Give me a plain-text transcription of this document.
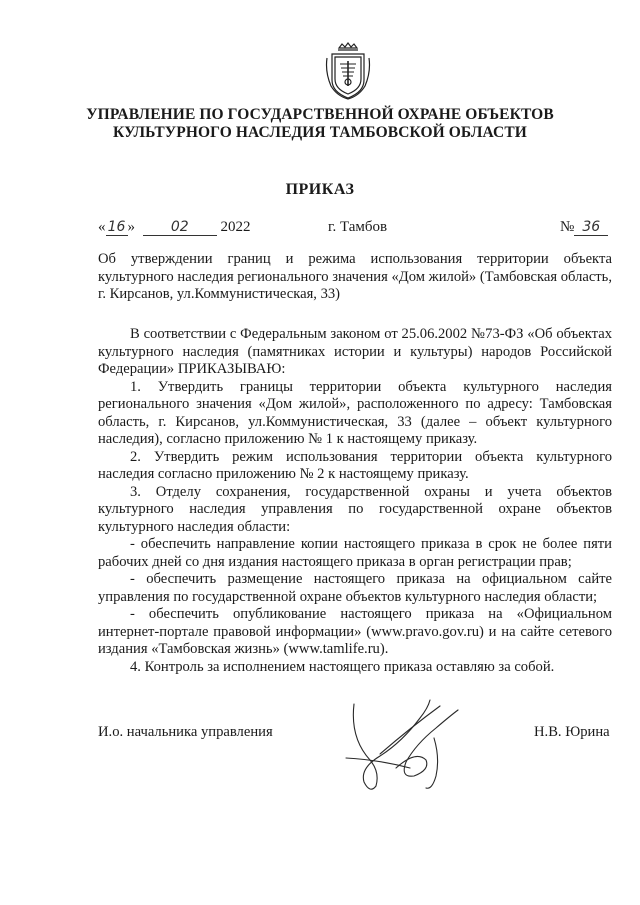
УПРАВЛЕНИЕ ПО ГОСУДАРСТВЕННОЙ ОХРАНЕ ОБЪЕКТОВ
КУЛЬТУРНОГО НАСЛЕДИЯ ТАМБОВСКОЙ ОБЛАСТИ
ПРИКАЗ
« 16 »	02 2022	г. Тамбов	№ 36
Об утверждении границ и режима использования территории объекта культурного наследия регионального значения «Дом жилой» (Тамбовская область, г. Кирсанов, ул.Коммунистическая, 33)

В соответствии с Федеральным законом от 25.06.2002 №73-ФЗ «Об объектах культурного наследия (памятниках истории и культуры) народов Российской Федерации» ПРИКАЗЫВАЮ:

1. Утвердить границы территории объекта культурного наследия регионального значения «Дом жилой», расположенного по адресу: Тамбовская область, г. Кирсанов, ул.Коммунистическая, 33 (далее – объект культурного наследия), согласно приложению № 1 к настоящему приказу.

2. Утвердить режим использования территории объекта культурного наследия согласно приложению № 2 к настоящему приказу.

3. Отделу сохранения, государственной охраны и учета объектов культурного наследия управления по государственной охране объектов культурного наследия области:

- обеспечить направление копии настоящего приказа в срок не более пяти рабочих дней со дня издания настоящего приказа в орган регистрации прав;

- обеспечить размещение настоящего приказа на официальном сайте управления по государственной охране объектов культурного наследия области;

- обеспечить опубликование настоящего приказа на «Официальном интернет-портале правовой информации» (www.pravo.gov.ru) и на сайте сетевого издания «Тамбовская жизнь» (www.tamlife.ru).

4. Контроль за исполнением настоящего приказа оставляю за собой.

И.о. начальника управления	Н.В. Юрина
